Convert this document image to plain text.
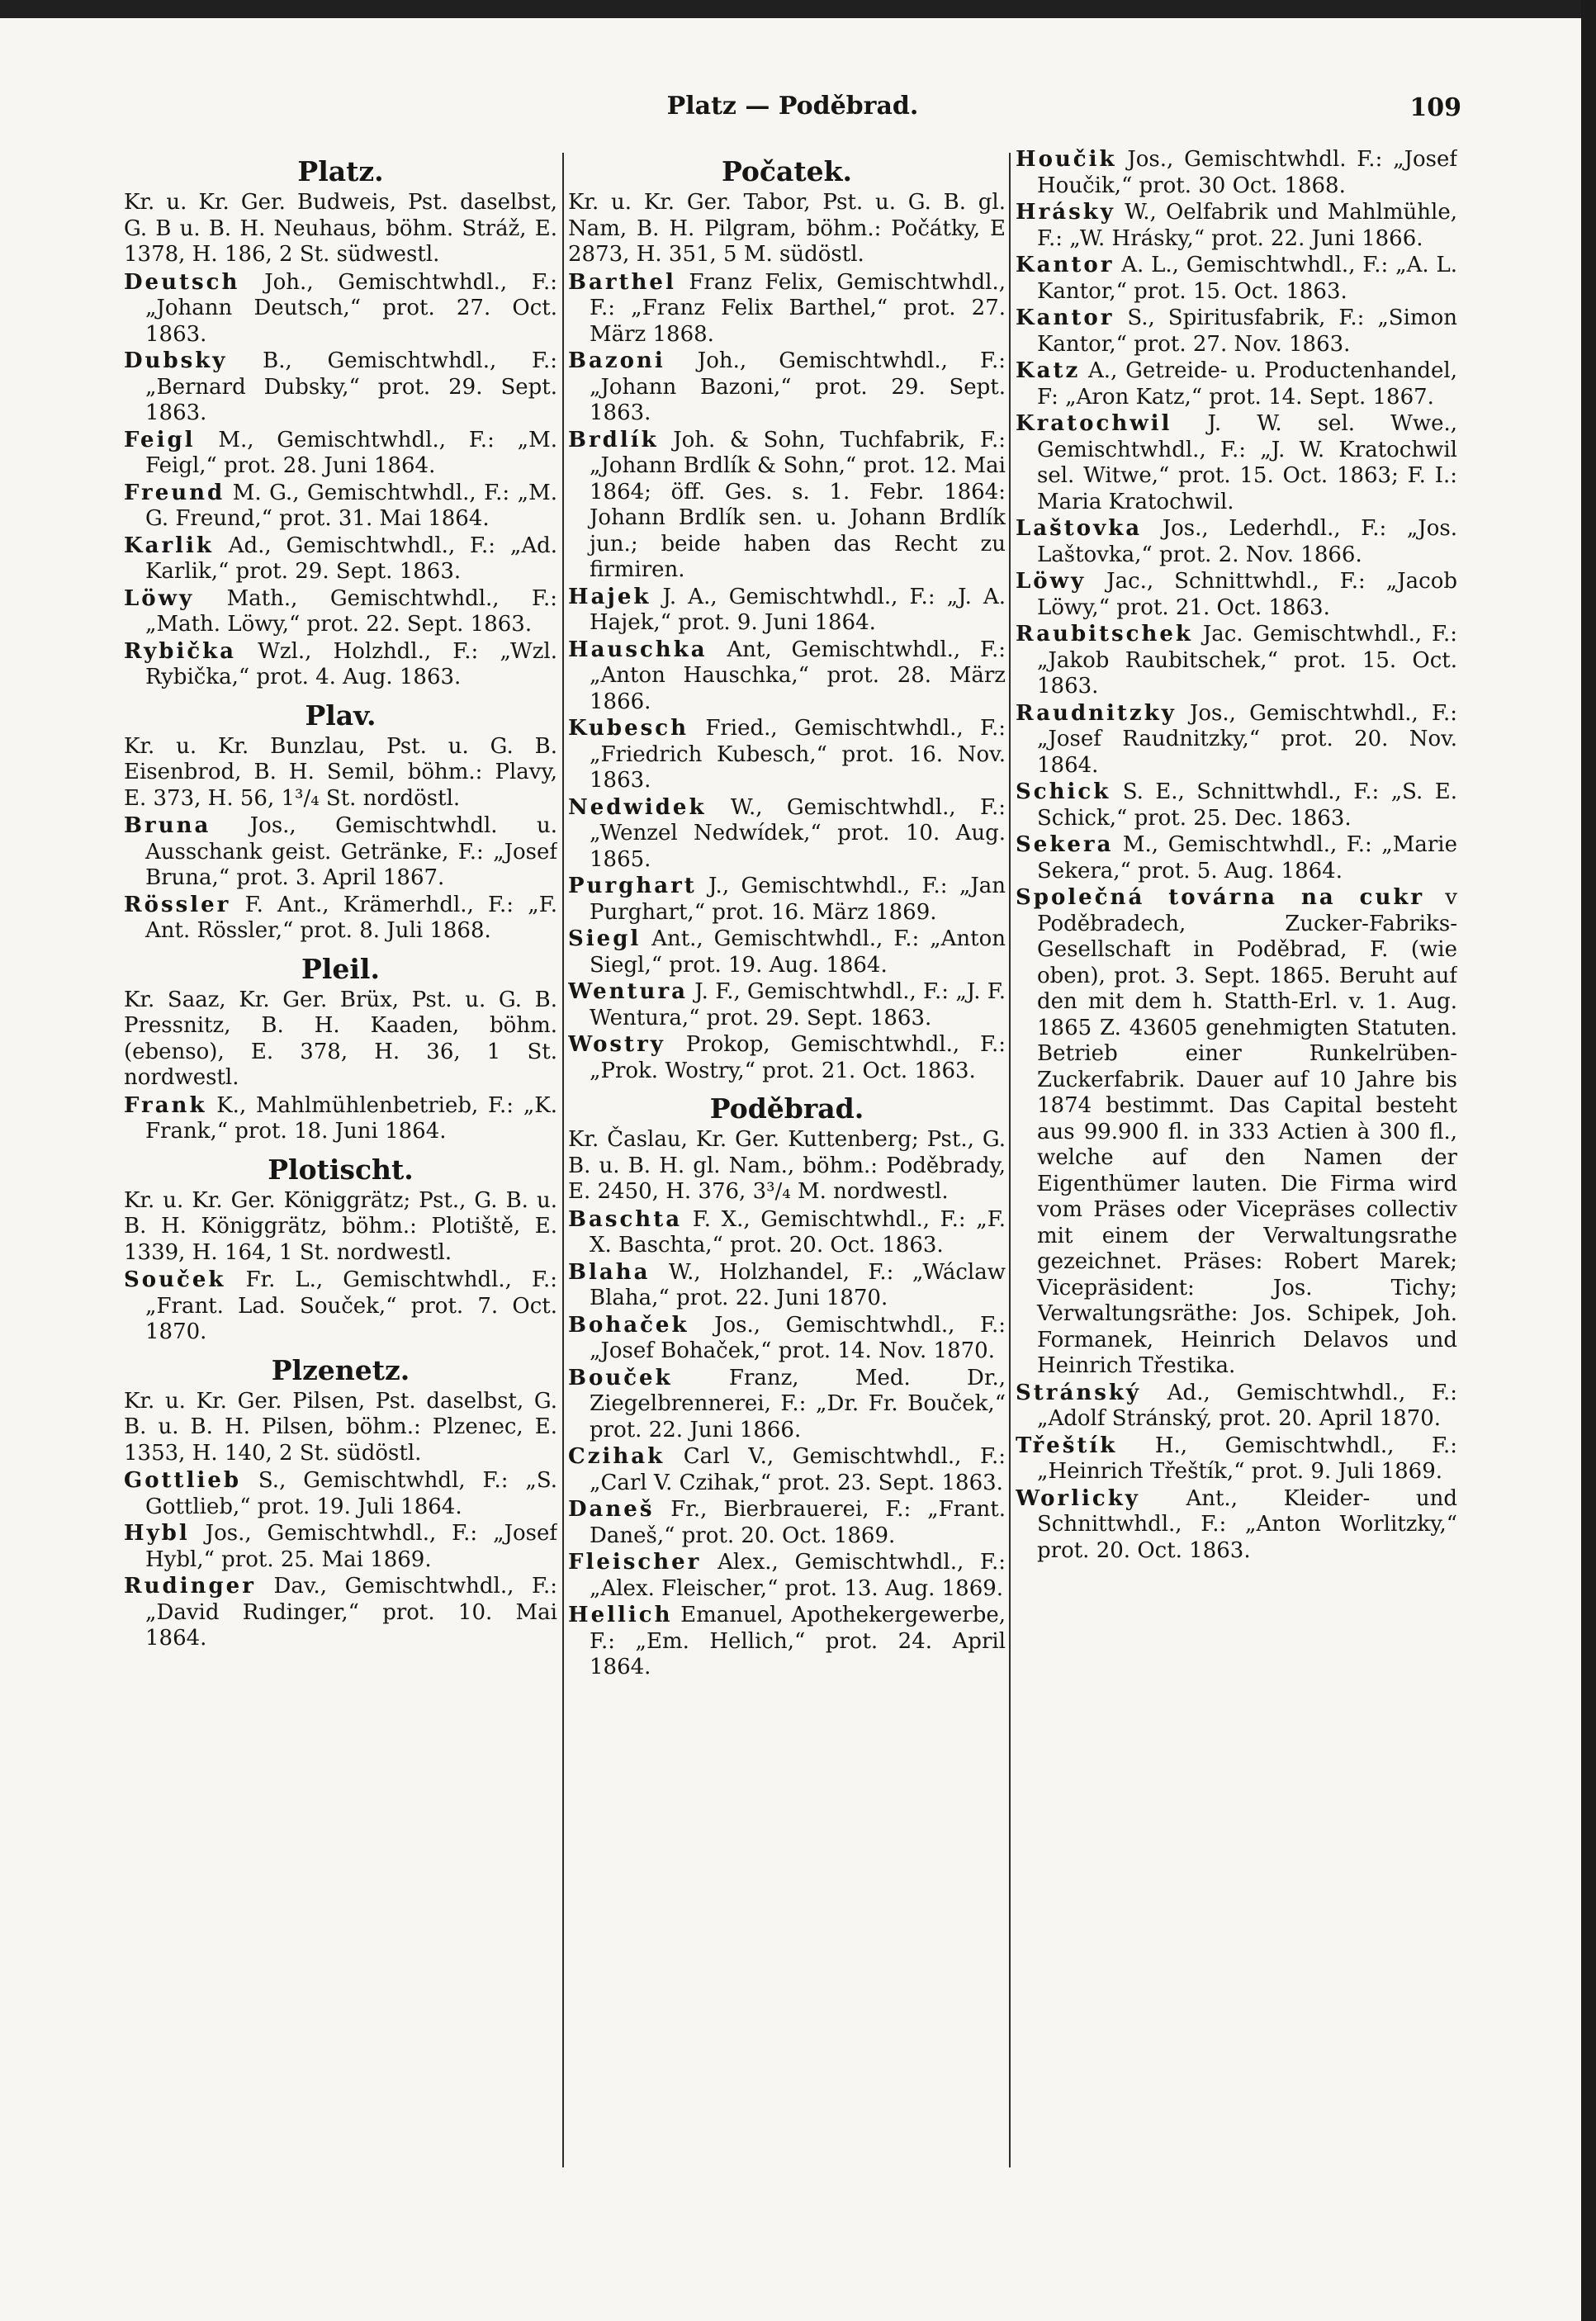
Platz — Poděbrad.	109
Platz.
Kr. u. Kr. Ger. Budweis, Pst. daselbst, G. B u. B. H. Neuhaus, böhm. Stráž, E. 1378, H. 186, 2 St. südwestl.
Deutsch Joh., Gemischtwhdl., F.: „Johann Deutsch,“ prot. 27. Oct. 1863.
Dubsky B., Gemischtwhdl., F.: „Bernard Dubsky,“ prot. 29. Sept. 1863.
Feigl M., Gemischtwhdl., F.: „M. Feigl,“ prot. 28. Juni 1864.
Freund M. G., Gemischtwhdl., F.: „M. G. Freund,“ prot. 31. Mai 1864.
Karlik Ad., Gemischtwhdl., F.: „Ad. Karlik,“ prot. 29. Sept. 1863.
Löwy Math., Gemischtwhdl., F.: „Math. Löwy,“ prot. 22. Sept. 1863.
Rybička Wzl., Holzhdl., F.: „Wzl. Rybička,“ prot. 4. Aug. 1863.
Plav.
Kr. u. Kr. Bunzlau, Pst. u. G. B. Eisenbrod, B. H. Semil, böhm.: Plavy, E. 373, H. 56, 1³/₄ St. nordöstl.
Bruna Jos., Gemischtwhdl. u. Ausschank geist. Getränke, F.: „Josef Bruna,“ prot. 3. April 1867.
Rössler F. Ant., Krämerhdl., F.: „F. Ant. Rössler,“ prot. 8. Juli 1868.
Pleil.
Kr. Saaz, Kr. Ger. Brüx, Pst. u. G. B. Pressnitz, B. H. Kaaden, böhm. (ebenso), E. 378, H. 36, 1 St. nordwestl.
Frank K., Mahlmühlenbetrieb, F.: „K. Frank,“ prot. 18. Juni 1864.
Plotischt.
Kr. u. Kr. Ger. Königgrätz; Pst., G. B. u. B. H. Königgrätz, böhm.: Plotiště, E. 1339, H. 164, 1 St. nordwestl.
Souček Fr. L., Gemischtwhdl., F.: „Frant. Lad. Souček,“ prot. 7. Oct. 1870.
Plzenetz.
Kr. u. Kr. Ger. Pilsen, Pst. daselbst, G. B. u. B. H. Pilsen, böhm.: Plzenec, E. 1353, H. 140, 2 St. südöstl.
Gottlieb S., Gemischtwhdl, F.: „S. Gottlieb,“ prot. 19. Juli 1864.
Hybl Jos., Gemischtwhdl., F.: „Josef Hybl,“ prot. 25. Mai 1869.
Rudinger Dav., Gemischtwhdl., F.: „David Rudinger,“ prot. 10. Mai 1864.
Počatek.
Kr. u. Kr. Ger. Tabor, Pst. u. G. B. gl. Nam, B. H. Pilgram, böhm.: Počátky, E 2873, H. 351, 5 M. südöstl.
Barthel Franz Felix, Gemischtwhdl., F.: „Franz Felix Barthel,“ prot. 27. März 1868.
Bazoni Joh., Gemischtwhdl., F.: „Johann Bazoni,“ prot. 29. Sept. 1863.
Brdlík Joh. & Sohn, Tuchfabrik, F.: „Johann Brdlík & Sohn,“ prot. 12. Mai 1864; öff. Ges. s. 1. Febr. 1864: Johann Brdlík sen. u. Johann Brdlík jun.; beide haben das Recht zu firmiren.
Hajek J. A., Gemischtwhdl., F.: „J. A. Hajek,“ prot. 9. Juni 1864.
Hauschka Ant, Gemischtwhdl., F.: „Anton Hauschka,“ prot. 28. März 1866.
Kubesch Fried., Gemischtwhdl., F.: „Friedrich Kubesch,“ prot. 16. Nov. 1863.
Nedwidek W., Gemischtwhdl., F.: „Wenzel Nedwídek,“ prot. 10. Aug. 1865.
Purghart J., Gemischtwhdl., F.: „Jan Purghart,“ prot. 16. März 1869.
Siegl Ant., Gemischtwhdl., F.: „Anton Siegl,“ prot. 19. Aug. 1864.
Wentura J. F., Gemischtwhdl., F.: „J. F. Wentura,“ prot. 29. Sept. 1863.
Wostry Prokop, Gemischtwhdl., F.: „Prok. Wostry,“ prot. 21. Oct. 1863.
Poděbrad.
Kr. Časlau, Kr. Ger. Kuttenberg; Pst., G. B. u. B. H. gl. Nam., böhm.: Poděbrady, E. 2450, H. 376, 3³/₄ M. nordwestl.
Baschta F. X., Gemischtwhdl., F.: „F. X. Baschta,“ prot. 20. Oct. 1863.
Blaha W., Holzhandel, F.: „Wáclaw Blaha,“ prot. 22. Juni 1870.
Bohaček Jos., Gemischtwhdl., F.: „Josef Bohaček,“ prot. 14. Nov. 1870.
Bouček	Franz, Med. Dr., Ziegelbrennerei, F.: „Dr. Fr. Bouček,“ prot. 22. Juni 1866.
Czihak Carl V., Gemischtwhdl., F.: „Carl V. Czihak,“ prot. 23. Sept. 1863.
Daneš Fr., Bierbrauerei, F.: „Frant. Daneš,“ prot. 20. Oct. 1869.
Fleischer Alex., Gemischtwhdl., F.: „Alex. Fleischer,“ prot. 13. Aug. 1869.
Hellich Emanuel, Apothekergewerbe, F.: „Em. Hellich,“ prot. 24. April 1864.
Houčik Jos., Gemischtwhdl. F.: „Josef Houčik,“ prot. 30 Oct. 1868.
Hrásky W., Oelfabrik und Mahlmühle, F.: „W. Hrásky,“ prot. 22. Juni 1866.
Kantor A. L., Gemischtwhdl., F.: „A. L. Kantor,“ prot. 15. Oct. 1863.
Kantor S., Spiritusfabrik, F.: „Simon Kantor,“ prot. 27. Nov. 1863.
Katz A., Getreide- u. Productenhandel, F: „Aron Katz,“ prot. 14. Sept. 1867.
Kratochwil J. W. sel. Wwe., Gemischtwhdl., F.: „J. W. Kratochwil sel. Witwe,“ prot. 15. Oct. 1863; F. I.: Maria Kratochwil.
Laštovka Jos., Lederhdl., F.: „Jos. Laštovka,“ prot. 2. Nov. 1866.
Löwy Jac., Schnittwhdl., F.: „Jacob Löwy,“ prot. 21. Oct. 1863.
Raubitschek Jac. Gemischtwhdl., F.: „Jakob Raubitschek,“ prot. 15. Oct. 1863.
Raudnitzky Jos., Gemischtwhdl., F.: „Josef Raudnitzky,“ prot. 20. Nov. 1864.
Schick S. E., Schnittwhdl., F.: „S. E. Schick,“ prot. 25. Dec. 1863.
Sekera M., Gemischtwhdl., F.: „Marie Sekera,“ prot. 5. Aug. 1864.
Společná továrna na cukr v Poděbradech, Zucker-Fabriks-Gesellschaft in Poděbrad, F. (wie oben), prot. 3. Sept. 1865. Beruht auf den mit dem h. Statth-Erl. v. 1. Aug. 1865 Z. 43605 genehmigten Statuten. Betrieb einer Runkelrüben-Zuckerfabrik. Dauer auf 10 Jahre bis 1874 bestimmt. Das Capital besteht aus 99.900 fl. in 333 Actien à 300 fl., welche auf den Namen der Eigenthümer lauten. Die Firma wird vom Präses oder Vicepräses collectiv mit einem der Verwaltungsrathe gezeichnet. Präses: Robert Marek; Vicepräsident: Jos. Tichy; Verwaltungsräthe: Jos. Schipek, Joh. Formanek, Heinrich Delavos und Heinrich Třestika.
Stránský Ad., Gemischtwhdl., F.: „Adolf Stránský, prot. 20. April 1870.
Třeštík H., Gemischtwhdl., F.: „Heinrich Třeštík,“ prot. 9. Juli 1869.
Worlicky Ant., Kleider- und Schnittwhdl., F.: „Anton Worlitzky,“ prot. 20. Oct. 1863.
